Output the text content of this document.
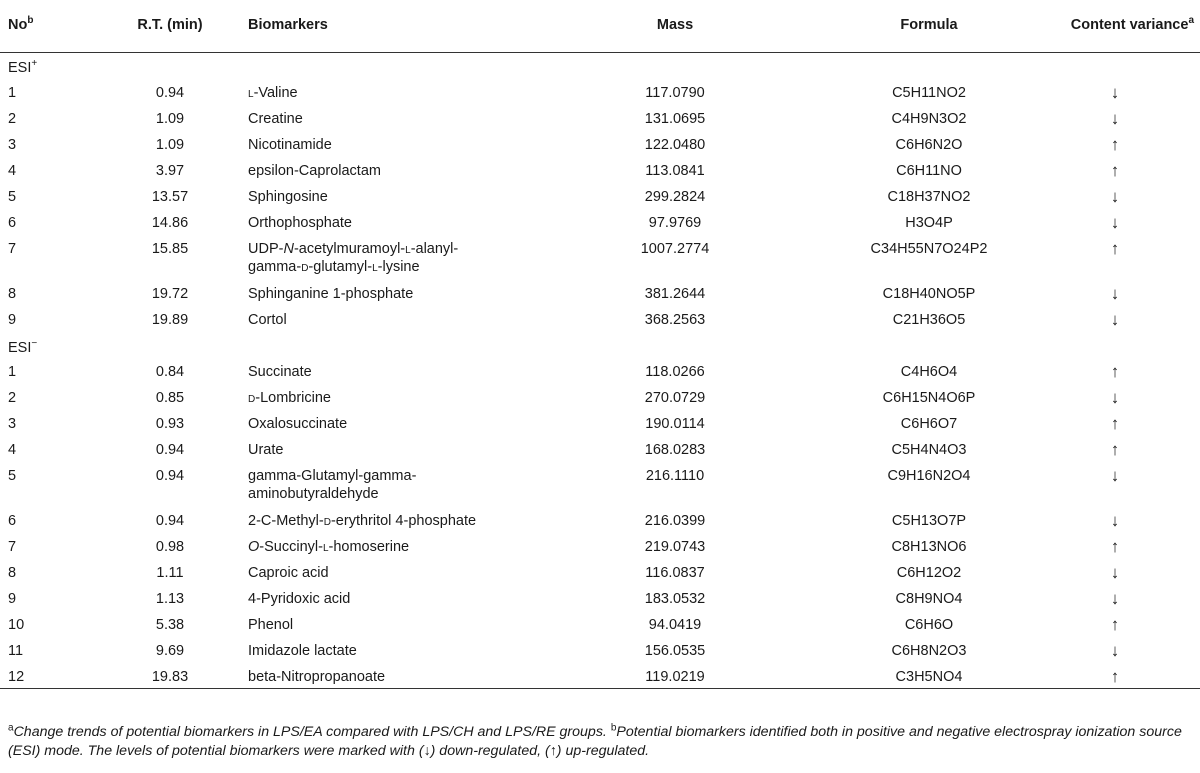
No$^b$	R.T. (min)	Biomarkers	Mass	Formula	Content variance$^a$
ESI+
1	0.94	l-Valine	117.0790	C5H11NO2	↓
2	1.09	Creatine	131.0695	C4H9N3O2	↓
3	1.09	Nicotinamide	122.0480	C6H6N2O	↑
4	3.97	epsilon-Caprolactam	113.0841	C6H11NO	↑
5	13.57	Sphingosine	299.2824	C18H37NO2	↓
6	14.86	Orthophosphate	97.9769	H3O4P	↓
7	15.85	UDP-N-acetylmuramoyl-l-alanyl-
gamma-d-glutamyl-l-lysine	1007.2774	C34H55N7O24P2	↑
8	19.72	Sphinganine 1-phosphate	381.2644	C18H40NO5P	↓
9	19.89	Cortol	368.2563	C21H36O5	↓
ESI−
1	0.84	Succinate	118.0266	C4H6O4	↑
2	0.85	d-Lombricine	270.0729	C6H15N4O6P	↓
3	0.93	Oxalosuccinate	190.0114	C6H6O7	↑
4	0.94	Urate	168.0283	C5H4N4O3	↑
5	0.94	gamma-Glutamyl-gamma-
aminobutyraldehyde	216.1110	C9H16N2O4	↓
6	0.94	2-C-Methyl-d-erythritol 4-phosphate	216.0399	C5H13O7P	↓
7	0.98	O-Succinyl-l-homoserine	219.0743	C8H13NO6	↑
8	1.11	Caproic acid	116.0837	C6H12O2	↓
9	1.13	4-Pyridoxic acid	183.0532	C8H9NO4	↓
10	5.38	Phenol	94.0419	C6H6O	↑
11	9.69	Imidazole lactate	156.0535	C6H8N2O3	↓
12	19.83	beta-Nitropropanoate	119.0219	C3H5NO4	↑
$^a$Change trends of potential biomarkers in LPS/EA compared with LPS/CH and LPS/RE groups. $^b$Potential biomarkers identified both in positive and negative electrospray ionization source (ESI) mode. The levels of potential biomarkers were marked with (↓) down-regulated, (↑) up-regulated.
